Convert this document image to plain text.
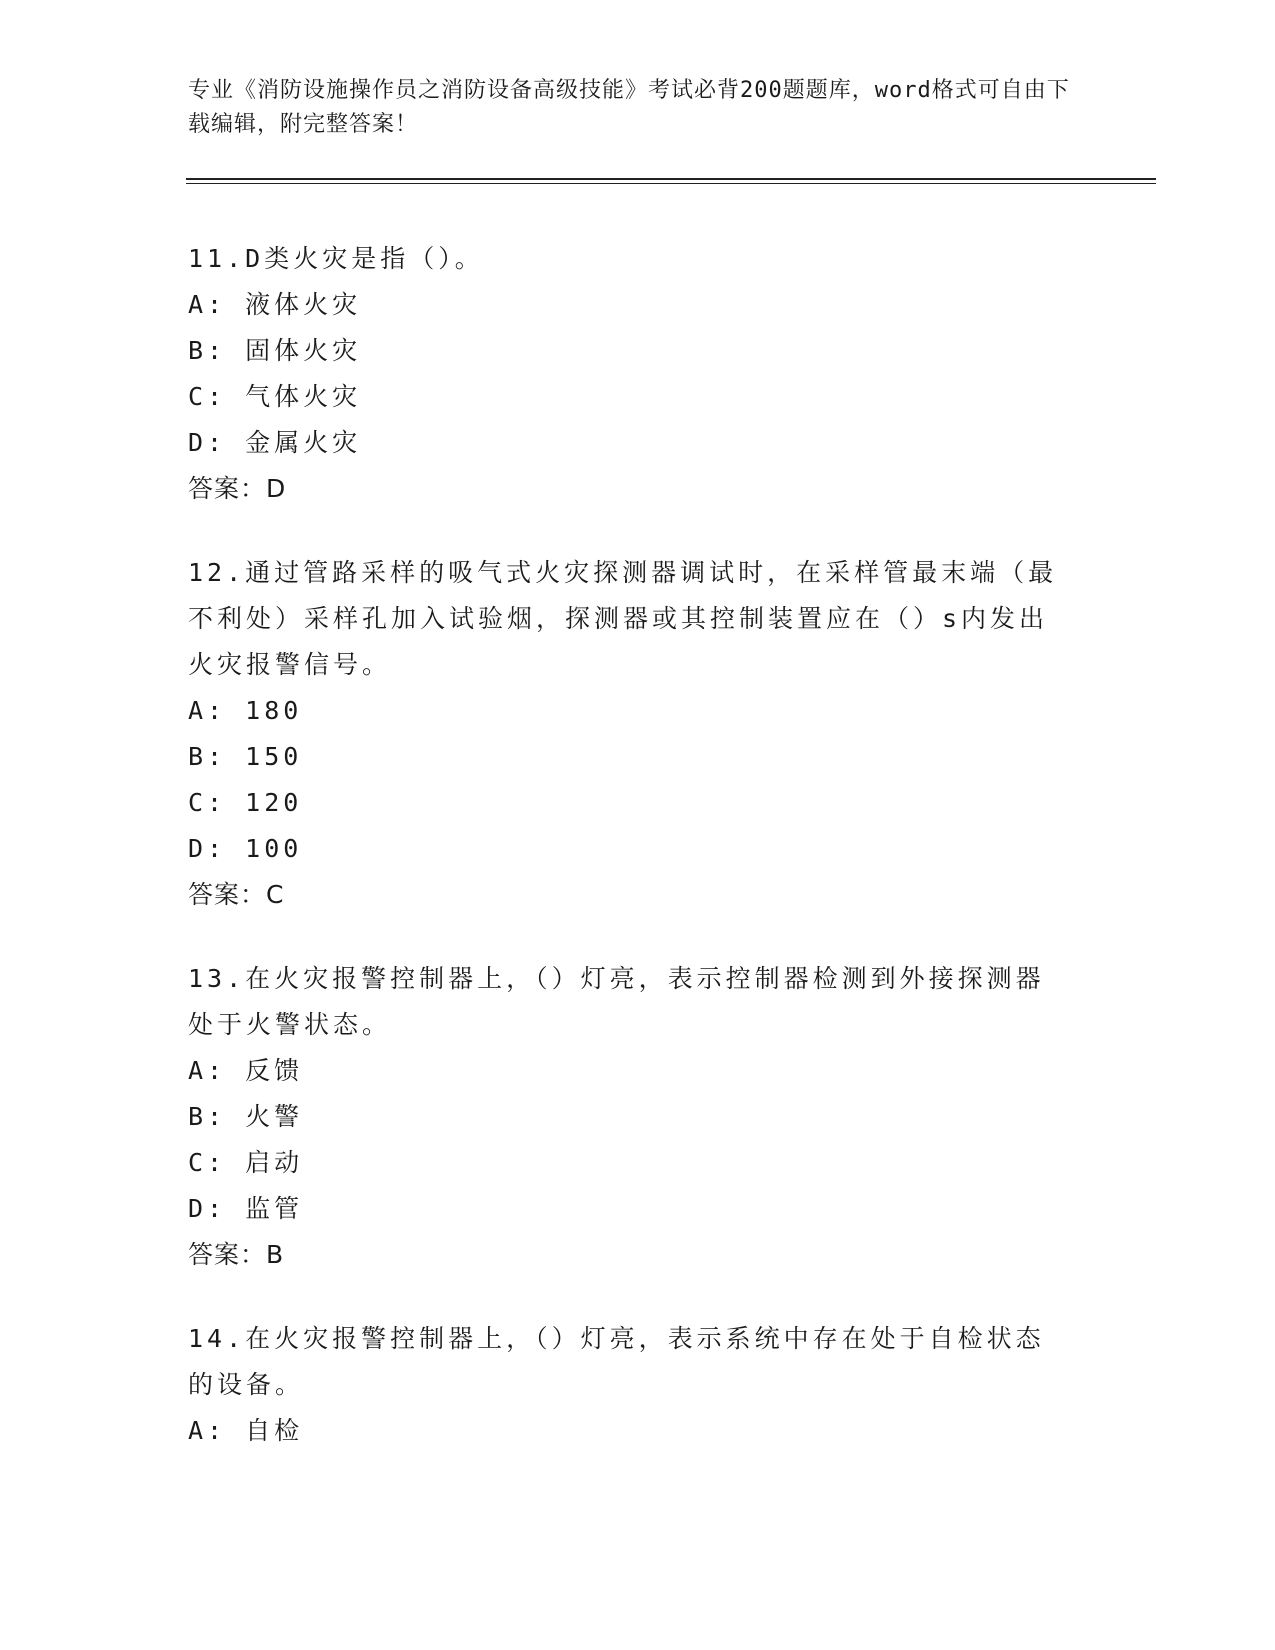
专业《消防设施操作员之消防设备高级技能》考试必背200题题库，word格式可自由下载编辑，附完整答案！

11.D类火灾是指（）。

A: 液体火灾

B: 固体火灾

C: 气体火灾

D: 金属火灾

答案：D

12.通过管路采样的吸气式火灾探测器调试时，在采样管最末端（最不利处）采样孔加入试验烟，探测器或其控制装置应在（）s内发出火灾报警信号。

A: 180

B: 150

C: 120

D: 100

答案：C

13.在火灾报警控制器上，（）灯亮，表示控制器检测到外接探测器处于火警状态。

A: 反馈

B: 火警

C: 启动

D: 监管

答案：B

14.在火灾报警控制器上，（）灯亮，表示系统中存在处于自检状态的设备。

A: 自检
